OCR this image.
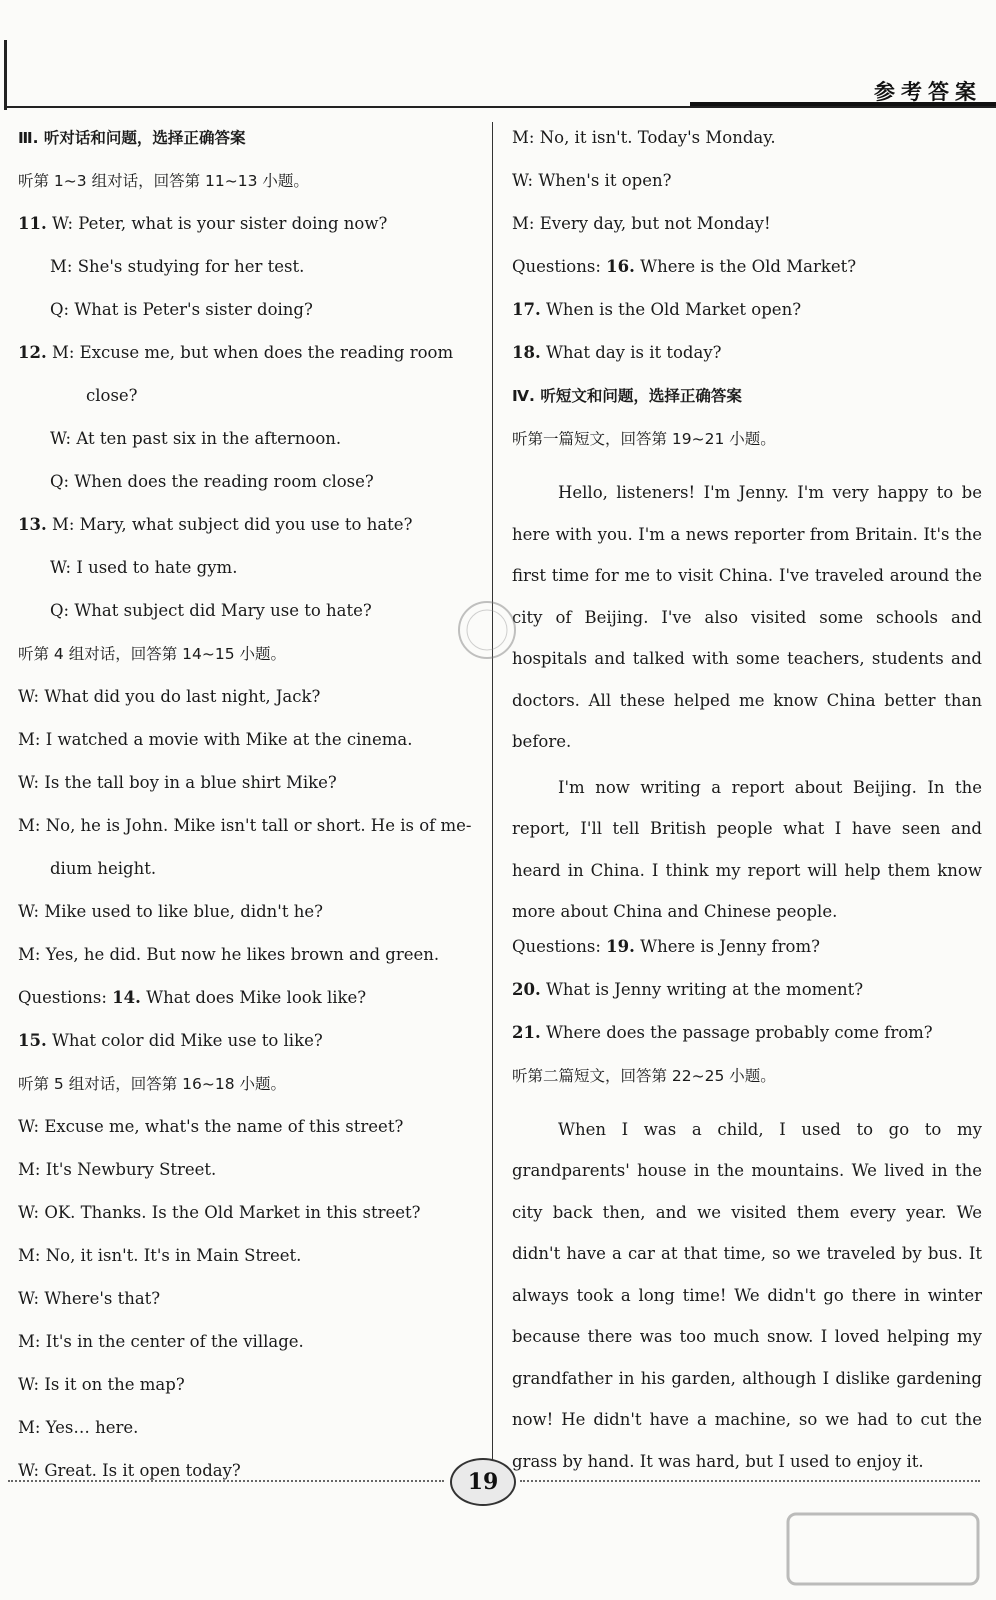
参考答案
Ⅲ. 听对话和问题，选择正确答案
听第 1~3 组对话，回答第 11~13 小题。
11. W: Peter, what is your sister doing now?
M: She's studying for her test.
Q: What is Peter's sister doing?
12. M: Excuse me, but when does the reading room
close?
W: At ten past six in the afternoon.
Q: When does the reading room close?
13. M: Mary, what subject did you use to hate?
W: I used to hate gym.
Q: What subject did Mary use to hate?
听第 4 组对话，回答第 14~15 小题。
W: What did you do last night, Jack?
M: I watched a movie with Mike at the cinema.
W: Is the tall boy in a blue shirt Mike?
M: No, he is John. Mike isn't tall or short. He is of me-
dium height.
W: Mike used to like blue, didn't he?
M: Yes, he did. But now he likes brown and green.
Questions: 14. What does Mike look like?
15. What color did Mike use to like?
听第 5 组对话，回答第 16~18 小题。
W: Excuse me, what's the name of this street?
M: It's Newbury Street.
W: OK. Thanks. Is the Old Market in this street?
M: No, it isn't. It's in Main Street.
W: Where's that?
M: It's in the center of the village.
W: Is it on the map?
M: Yes… here.
W: Great. Is it open today?
M: No, it isn't. Today's Monday.
W: When's it open?
M: Every day, but not Monday!
Questions: 16. Where is the Old Market?
17. When is the Old Market open?
18. What day is it today?
Ⅳ. 听短文和问题，选择正确答案
听第一篇短文，回答第 19~21 小题。

Hello, listeners! I'm Jenny. I'm very happy to be here with you. I'm a news reporter from Britain. It's the first time for me to visit China. I've traveled around the city of Beijing. I've also visited some schools and hospitals and talked with some teachers, students and doctors. All these helped me know China better than before.

I'm now writing a report about Beijing. In the report, I'll tell British people what I have seen and heard in China. I think my report will help them know more about China and Chinese people.

Questions: 19. Where is Jenny from?
20. What is Jenny writing at the moment?
21. Where does the passage probably come from?
听第二篇短文，回答第 22~25 小题。

When I was a child, I used to go to my grandparents' house in the mountains. We lived in the city back then, and we visited them every year. We didn't have a car at that time, so we traveled by bus. It always took a long time! We didn't go there in winter because there was too much snow. I loved helping my grandfather in his garden, although I dislike gardening now! He didn't have a machine, so we had to cut the grass by hand. It was hard, but I used to enjoy it.

19
